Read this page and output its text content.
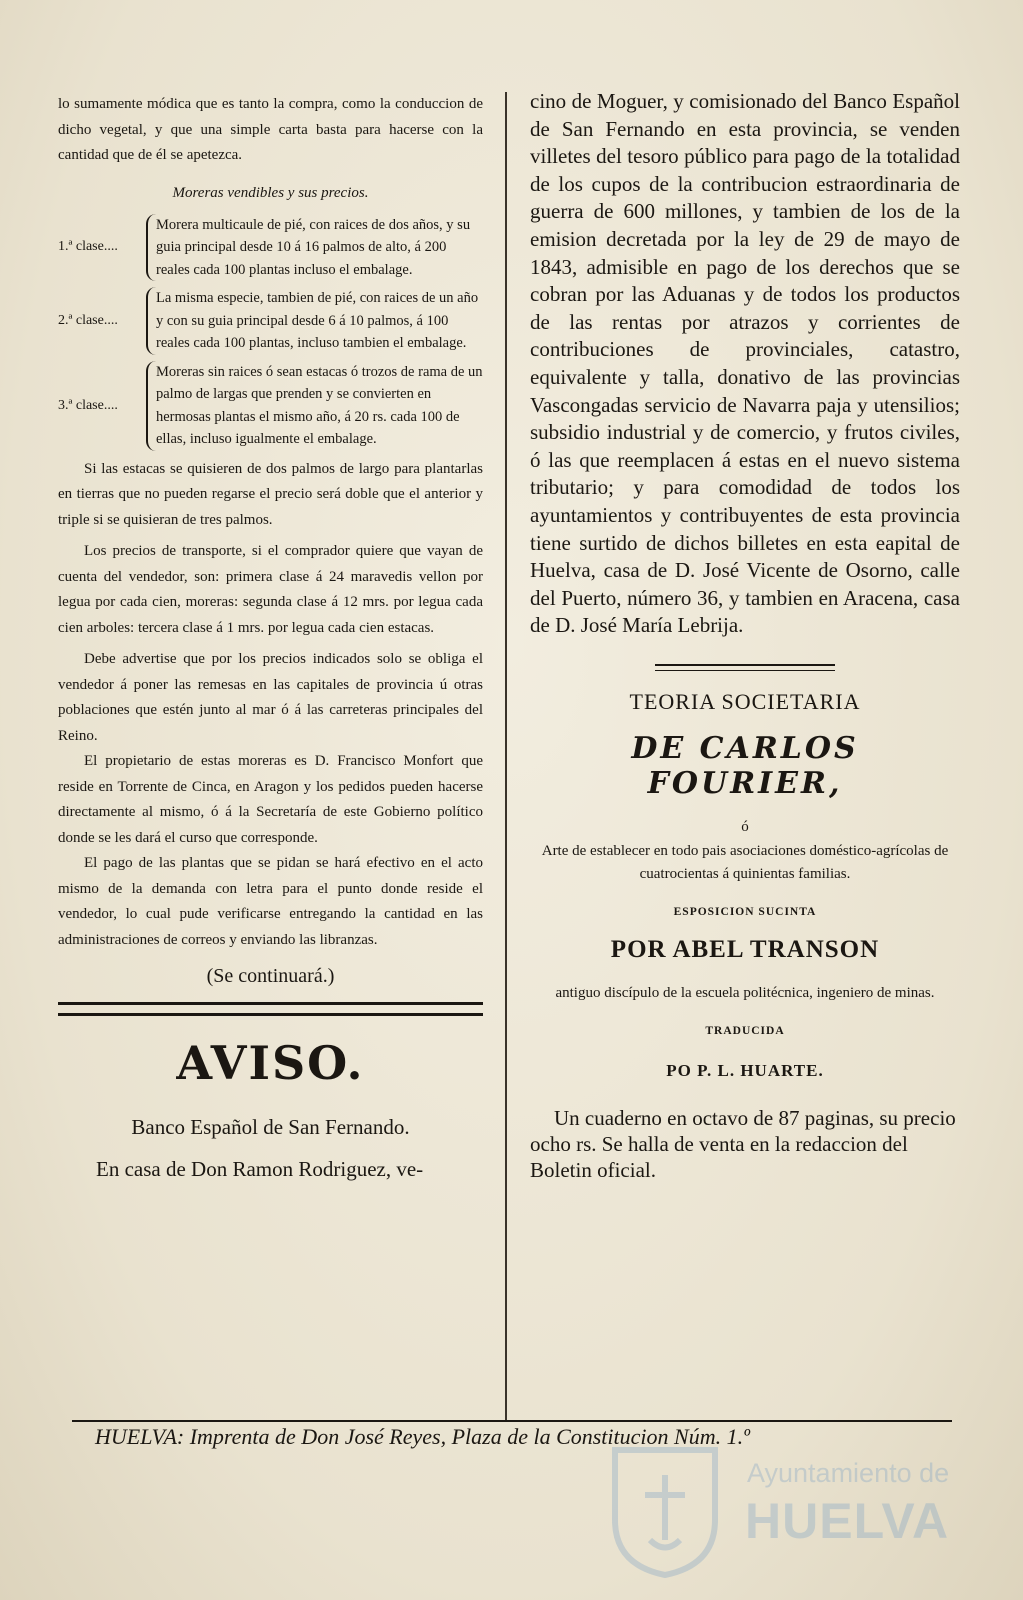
lo sumamente módica que es tanto la compra, como la conduccion de dicho vegetal, y que una simple carta basta para hacerse con la cantidad que de él se apetezca.

Moreras vendibles y sus precios.
1.ª clase....
Morera multicaule de pié, con raices de dos años, y su guia principal desde 10 á 16 palmos de alto, á 200 reales cada 100 plantas incluso el embalage.
2.ª clase....
La misma especie, tambien de pié, con raices de un año y con su guia principal desde 6 á 10 palmos, á 100 reales cada 100 plantas, incluso tambien el embalage.
3.ª clase....
Moreras sin raices ó sean estacas ó trozos de rama de un palmo de largas que prenden y se convierten en hermosas plantas el mismo año, á 20 rs. cada 100 de ellas, incluso igualmente el embalage.

Si las estacas se quisieren de dos palmos de largo para plantarlas en tierras que no pueden regarse el precio será doble que el anterior y triple si se quisieran de tres palmos.

Los precios de transporte, si el comprador quiere que vayan de cuenta del vendedor, son: primera clase á 24 maravedis vellon por legua por cada cien, moreras: segunda clase á 12 mrs. por legua cada cien arboles: tercera clase á 1 mrs. por legua cada cien estacas.

Debe advertise que por los precios indicados solo se obliga el vendedor á poner las remesas en las capitales de provincia ú otras poblaciones que estén junto al mar ó á las carreteras principales del Reino.

El propietario de estas moreras es D. Francisco Monfort que reside en Torrente de Cinca, en Aragon y los pedidos pueden hacerse directamente al mismo, ó á la Secretaría de este Gobierno político donde se les dará el curso que corresponde.

El pago de las plantas que se pidan se hará efectivo en el acto mismo de la demanda con letra para el punto donde reside el vendedor, lo cual pude verificarse entregando la cantidad en las administraciones de correos y enviando las libranzas.

(Se continuará.)
AVISO.

Banco Español de San Fernando.

En casa de Don Ramon Rodriguez, ve-

cino de Moguer, y comisionado del Banco Español de San Fernando en esta provincia, se venden villetes del tesoro público para pago de la totalidad de los cupos de la contribucion estraordinaria de guerra de 600 millones, y tambien de los de la emision decretada por la ley de 29 de mayo de 1843, admisible en pago de los derechos que se cobran por las Aduanas y de todos los productos de las rentas por atrazos y corrientes de contribuciones de provinciales, catastro, equivalente y talla, donativo de las provincias Vascongadas servicio de Navarra paja y utensilios; subsidio industrial y de comercio, y frutos civiles, ó las que reemplacen á estas en el nuevo sistema tributario; y para comodidad de todos los ayuntamientos y contribuyentes de esta provincia tiene surtido de dichos billetes en esta eapital de Huelva, casa de D. José Vicente de Osorno, calle del Puerto, número 36, y tambien en Aracena, casa de D. José María Lebrija.

TEORIA SOCIETARIA
DE CARLOS FOURIER,
ó
Arte de establecer en todo pais asociaciones doméstico-agrícolas de cuatrocientas á quinientas familias.
ESPOSICION SUCINTA
POR ABEL TRANSON
antiguo discípulo de la escuela politécnica, ingeniero de minas.
TRADUCIDA
PO P. L. HUARTE.

Un cuaderno en octavo de 87 paginas, su precio ocho rs. Se halla de venta en la redaccion del Boletin oficial.

HUELVA: Imprenta de Don José Reyes, Plaza de la Constitucion Núm. 1.º
Ayuntamiento de
HUELVA
